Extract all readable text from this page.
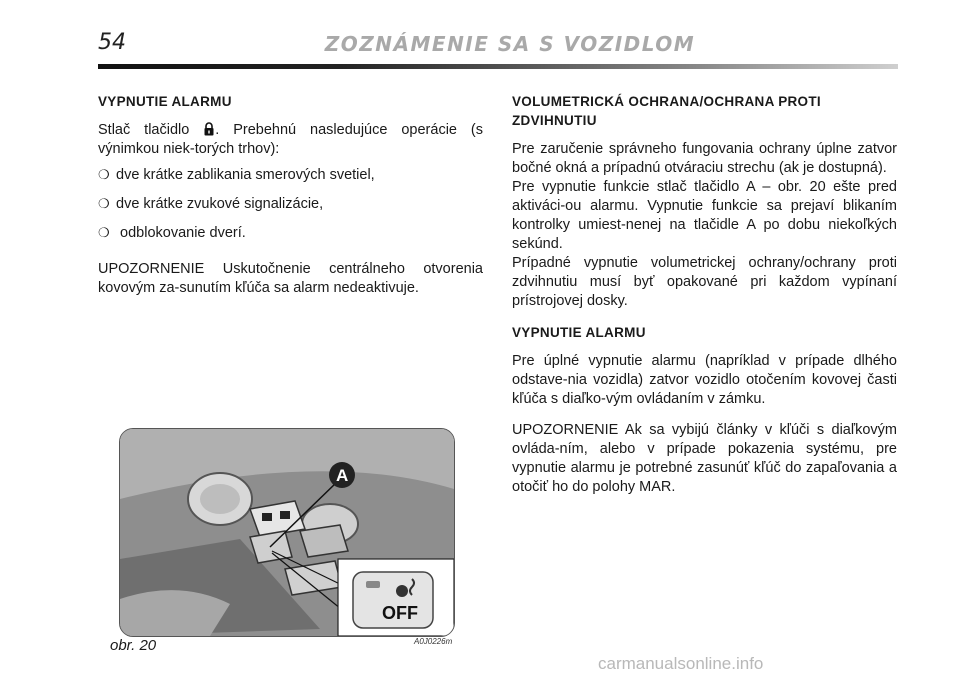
54	ZOZNÁMENIE SA S VOZIDLOM
VYPNUTIE ALARMU

Stlač tlačidlo . Prebehnú nasledujúce operácie (s výnimkou niek-torých trhov):

❍ dve krátke zablikania smerových svetiel,
❍ dve krátke zvukové signalizácie,
❍ odblokovanie dverí.

UPOZORNENIE Uskutočnenie centrálneho otvorenia kovovým za-sunutím kľúča sa alarm nedeaktivuje.

VOLUMETRICKÁ OCHRANA/OCHRANA PROTI ZDVIHNUTIU

Pre zaručenie správneho fungovania ochrany úplne zatvor bočné okná a prípadnú otváraciu strechu (ak je dostupná).

Pre vypnutie funkcie stlač tlačidlo A – obr. 20 ešte pred aktiváci-ou alarmu. Vypnutie funkcie sa prejaví blikaním kontrolky umiest-nenej na tlačidle A po dobu niekoľkých sekúnd.

Prípadné vypnutie volumetrickej ochrany/ochrany proti zdvihnutiu musí byť opakované pri každom vypínaní prístrojovej dosky.

VYPNUTIE ALARMU

Pre úplné vypnutie alarmu (napríklad v prípade dlhého odstave-nia vozidla) zatvor vozidlo otočením kovovej časti kľúča s diaľko-vým ovládaním v zámku.

UPOZORNENIE Ak sa vybijú články v kľúči s diaľkovým ovláda-ním, alebo v prípade pokazenia systému, pre vypnutie alarmu je potrebné zasunúť kľúč do zapaľovania a otočiť ho do polohy MAR.

OFF
A
obr. 20	A0J0226m
carmanualsonline.info
